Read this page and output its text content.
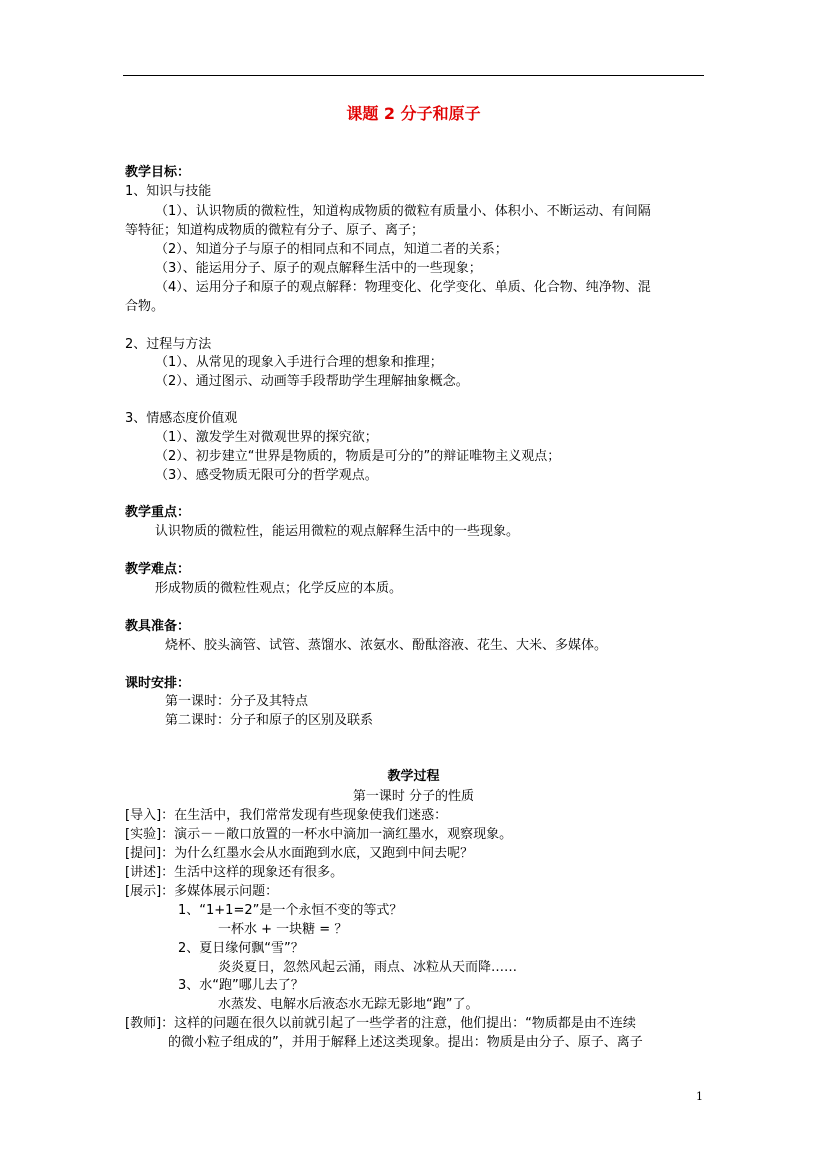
课题 2 分子和原子
教学目标：
1、知识与技能
（1）、认识物质的微粒性，知道构成物质的微粒有质量小、体积小、不断运动、有间隔
等特征；知道构成物质的微粒有分子、原子、离子；
（2）、知道分子与原子的相同点和不同点，知道二者的关系；
（3）、能运用分子、原子的观点解释生活中的一些现象；
（4）、运用分子和原子的观点解释：物理变化、化学变化、单质、化合物、纯净物、混
合物。
2、过程与方法
（1）、从常见的现象入手进行合理的想象和推理；
（2）、通过图示、动画等手段帮助学生理解抽象概念。
3、情感态度价值观
（1）、激发学生对微观世界的探究欲；
（2）、初步建立“世界是物质的，物质是可分的”的辩证唯物主义观点；
（3）、感受物质无限可分的哲学观点。
教学重点：
认识物质的微粒性，能运用微粒的观点解释生活中的一些现象。
教学难点：
形成物质的微粒性观点；化学反应的本质。
教具准备：
烧杯、胶头滴管、试管、蒸馏水、浓氨水、酚酞溶液、花生、大米、多媒体。
课时安排：
第一课时：分子及其特点
第二课时：分子和原子的区别及联系
教学过程
第一课时 分子的性质
[导入]：在生活中，我们常常发现有些现象使我们迷惑：
[实验]：演示－－敞口放置的一杯水中滴加一滴红墨水，观察现象。
[提问]：为什么红墨水会从水面跑到水底，又跑到中间去呢？
[讲述]：生活中这样的现象还有很多。
[展示]：多媒体展示问题：
1、“1+1=2”是一个永恒不变的等式？
一杯水 + 一块糖 = ？
2、夏日缘何飘“雪”？
炎炎夏日，忽然风起云涌，雨点、冰粒从天而降……
3、水“跑”哪儿去了？
水蒸发、电解水后液态水无踪无影地“跑”了。
[教师]：这样的问题在很久以前就引起了一些学者的注意，他们提出：“物质都是由不连续
的微小粒子组成的”，并用于解释上述这类现象。提出：物质是由分子、原子、离子
1
